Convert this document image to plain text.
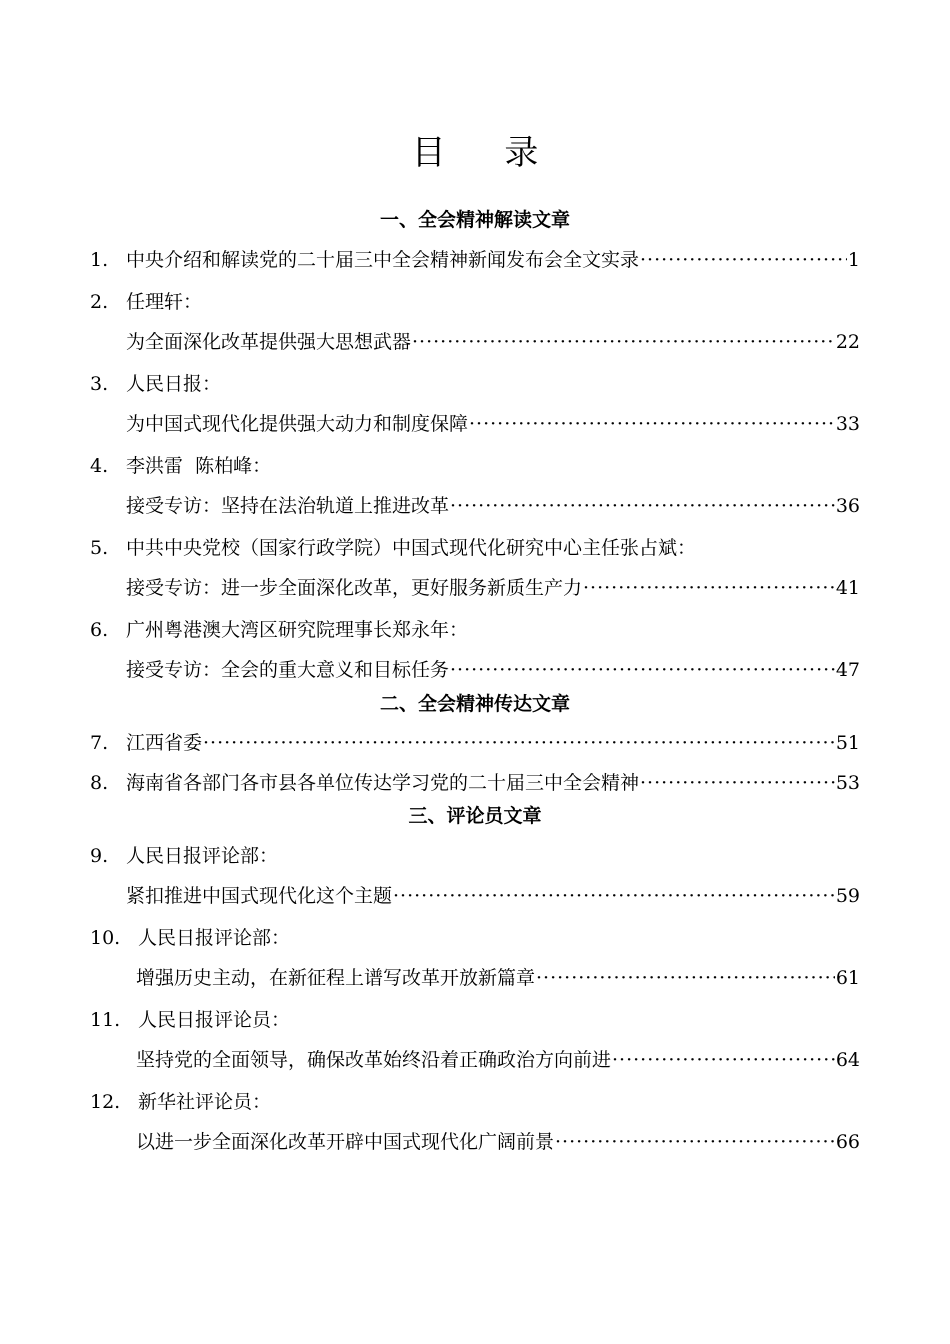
目 录
一、全会精神解读文章
1. 中央介绍和解读党的二十届三中全会精神新闻发布会全文实录 ·····	1
2. 任理轩：
为全面深化改革提供强大思想武器 ·····	22
3. 人民日报：
为中国式现代化提供强大动力和制度保障 ·····	33
4. 李洪雷  陈柏峰：
接受专访：坚持在法治轨道上推进改革 ·····	36
5. 中共中央党校（国家行政学院）中国式现代化研究中心主任张占斌：
接受专访：进一步全面深化改革，更好服务新质生产力 ·····	41
6. 广州粤港澳大湾区研究院理事长郑永年：
接受专访：全会的重大意义和目标任务 ·····	47
二、全会精神传达文章
7. 江西省委 ·····	51
8. 海南省各部门各市县各单位传达学习党的二十届三中全会精神 ·····	53
三、评论员文章
9. 人民日报评论部：
紧扣推进中国式现代化这个主题 ·····	59
10. 人民日报评论部：
增强历史主动，在新征程上谱写改革开放新篇章 ·····	61
11. 人民日报评论员：
坚持党的全面领导，确保改革始终沿着正确政治方向前进 ·····	64
12. 新华社评论员：
以进一步全面深化改革开辟中国式现代化广阔前景 ·····	66
